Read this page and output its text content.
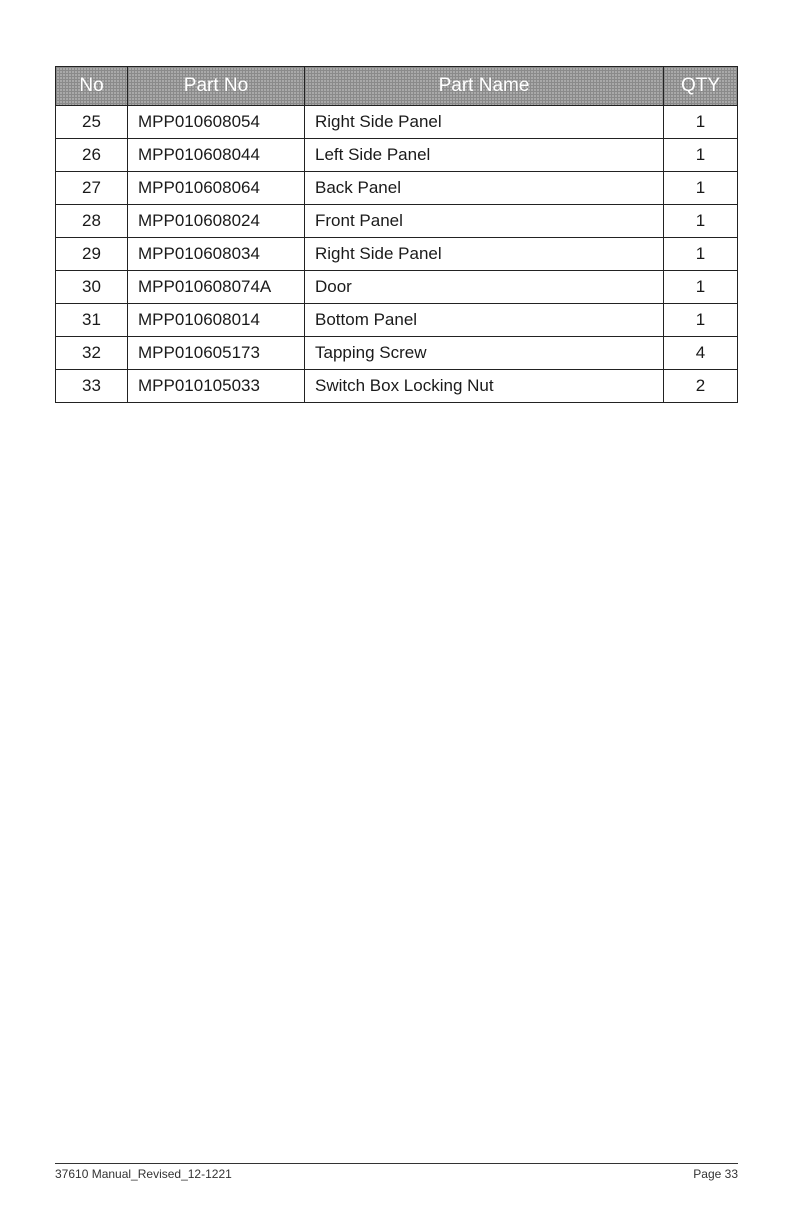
No	Part No	Part Name	QTY
25	MPP010608054	Right Side Panel	1
26	MPP010608044	Left Side Panel	1
27	MPP010608064	Back Panel	1
28	MPP010608024	Front Panel	1
29	MPP010608034	Right Side Panel	1
30	MPP010608074A	Door	1
31	MPP010608014	Bottom Panel	1
32	MPP010605173	Tapping Screw	4
33	MPP010105033	Switch Box Locking Nut	2
37610 Manual_Revised_12-1221	Page 33
